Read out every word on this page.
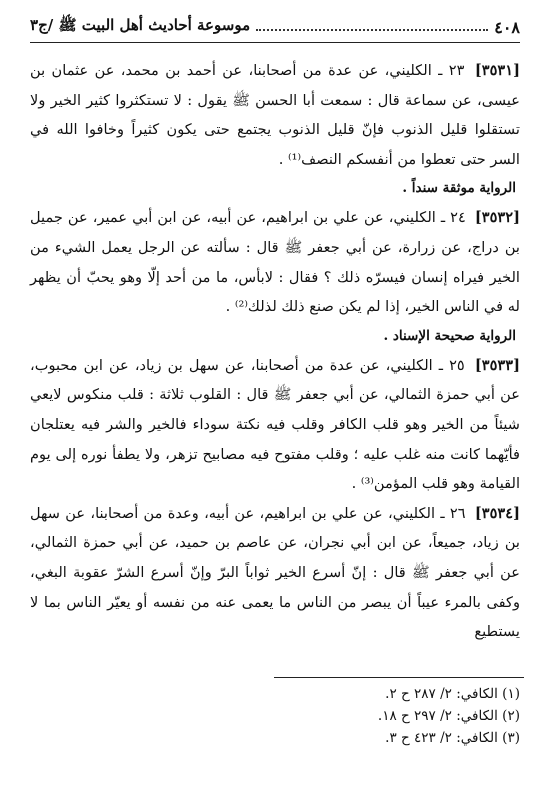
٤٠٨
موسوعة أحاديث أهل البيت ﷺ /ج٣

[٣٥٣١] ٢٣ ـ الكليني، عن عدة من أصحابنا، عن أحمد بن محمد، عن عثمان بن عيسى، عن سماعة قال : سمعت أبا الحسن ﷺ يقول : لا تستكثروا كثير الخير ولا تستقلوا قليل الذنوب فإنّ قليل الذنوب يجتمع حتى يكون كثيراً وخافوا الله في السر حتى تعطوا من أنفسكم النصف⁽¹⁾ .

الرواية موثقة سنداً .

[٣٥٣٢] ٢٤ ـ الكليني، عن علي بن ابراهيم، عن أبيه، عن ابن أبي عمير، عن جميل بن دراج، عن زرارة، عن أبي جعفر ﷺ قال : سألته عن الرجل يعمل الشيء من الخير فيراه إنسان فيسرّه ذلك ؟ فقال : لابأس، ما من أحد إلّا وهو يحبّ أن يظهر له في الناس الخير، إذا لم يكن صنع ذلك لذلك⁽²⁾ .

الرواية صحيحة الإسناد .

[٣٥٣٣] ٢٥ ـ الكليني، عن عدة من أصحابنا، عن سهل بن زياد، عن ابن محبوب، عن أبي حمزة الثمالي، عن أبي جعفر ﷺ قال : القلوب ثلاثة : قلب منكوس لايعي شيئاً من الخير وهو قلب الكافر وقلب فيه نكتة سوداء فالخير والشر فيه يعتلجان فأيّهما كانت منه غلب عليه ؛ وقلب مفتوح فيه مصابيح تزهر، ولا يطفأ نوره إلى يوم القيامة وهو قلب المؤمن⁽³⁾ .

[٣٥٣٤] ٢٦ ـ الكليني، عن علي بن ابراهيم، عن أبيه، وعدة من أصحابنا، عن سهل بن زياد، جميعاً، عن ابن أبي نجران، عن عاصم بن حميد، عن أبي حمزة الثمالي، عن أبي جعفر ﷺ قال : إنّ أسرع الخير ثواباً البرّ وإنّ أسرع الشرّ عقوبة البغي، وكفى بالمرء عيباً أن يبصر من الناس ما يعمى عنه من نفسه أو يعيّر الناس بما لا يستطيع

(١) الكافي: ٢/ ٢٨٧ ح ٢.

(٢) الكافي: ٢/ ٢٩٧ ح ١٨.

(٣) الكافي: ٢/ ٤٢٣ ح ٣.
